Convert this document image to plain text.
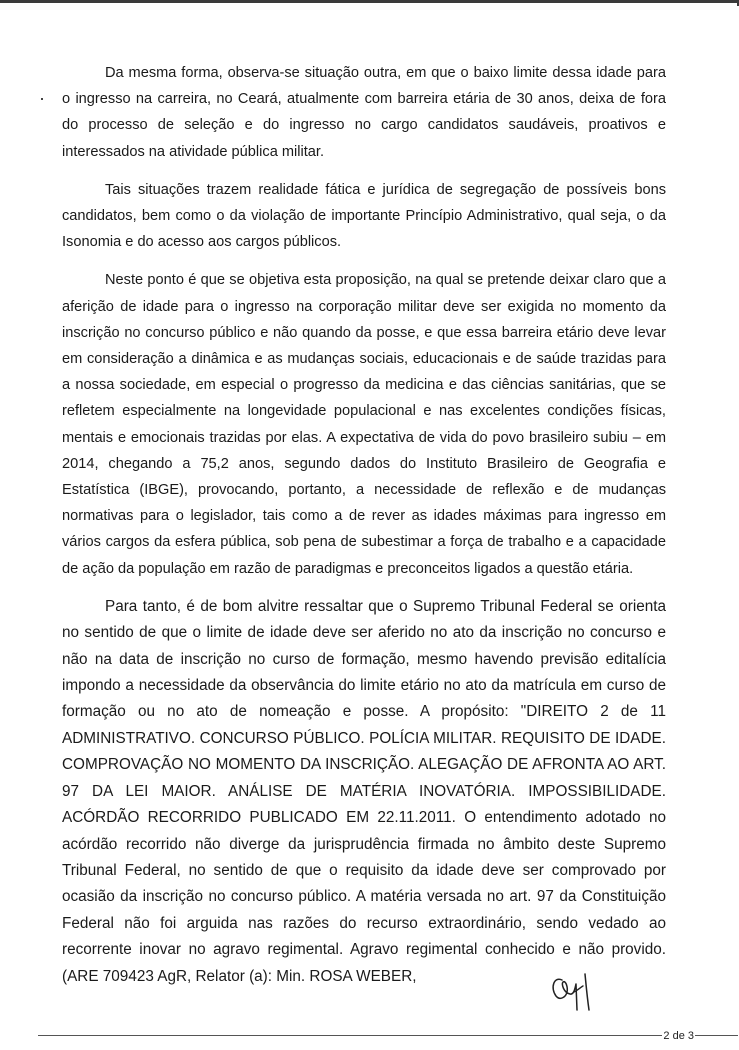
Da mesma forma, observa-se situação outra, em que o baixo limite dessa idade para o ingresso na carreira, no Ceará, atualmente com barreira etária de 30 anos, deixa de fora do processo de seleção e do ingresso no cargo candidatos saudáveis, proativos e interessados na atividade pública militar.

Tais situações trazem realidade fática e jurídica de segregação de possíveis bons candidatos, bem como o da violação de importante Princípio Administrativo, qual seja, o da Isonomia e do acesso aos cargos públicos.

Neste ponto é que se objetiva esta proposição, na qual se pretende deixar claro que a aferição de idade para o ingresso na corporação militar deve ser exigida no momento da inscrição no concurso público e não quando da posse, e que essa barreira etário deve levar em consideração a dinâmica e as mudanças sociais, educacionais e de saúde trazidas para a nossa sociedade, em especial o progresso da medicina e das ciências sanitárias, que se refletem especialmente na longevidade populacional e nas excelentes condições físicas, mentais e emocionais trazidas por elas. A expectativa de vida do povo brasileiro subiu – em 2014, chegando a 75,2 anos, segundo dados do Instituto Brasileiro de Geografia e Estatística (IBGE), provocando, portanto, a necessidade de reflexão e de mudanças normativas para o legislador, tais como a de rever as idades máximas para ingresso em vários cargos da esfera pública, sob pena de subestimar a força de trabalho e a capacidade de ação da população em razão de paradigmas e preconceitos ligados a questão etária.

Para tanto, é de bom alvitre ressaltar que o Supremo Tribunal Federal se orienta no sentido de que o limite de idade deve ser aferido no ato da inscrição no concurso e não na data de inscrição no curso de formação, mesmo havendo previsão editalícia impondo a necessidade da observância do limite etário no ato da matrícula em curso de formação ou no ato de nomeação e posse. A propósito: "DIREITO 2 de 11 ADMINISTRATIVO. CONCURSO PÚBLICO. POLÍCIA MILITAR. REQUISITO DE IDADE. COMPROVAÇÃO NO MOMENTO DA INSCRIÇÃO. ALEGAÇÃO DE AFRONTA AO ART. 97 DA LEI MAIOR. ANÁLISE DE MATÉRIA INOVATÓRIA. IMPOSSIBILIDADE. ACÓRDÃO RECORRIDO PUBLICADO EM 22.11.2011. O entendimento adotado no acórdão recorrido não diverge da jurisprudência firmada no âmbito deste Supremo Tribunal Federal, no sentido de que o requisito da idade deve ser comprovado por ocasião da inscrição no concurso público. A matéria versada no art. 97 da Constituição Federal não foi arguida nas razões do recurso extraordinário, sendo vedado ao recorrente inovar no agravo regimental. Agravo regimental conhecido e não provido. (ARE 709423 AgR, Relator (a): Min. ROSA WEBER,

2 de 3
